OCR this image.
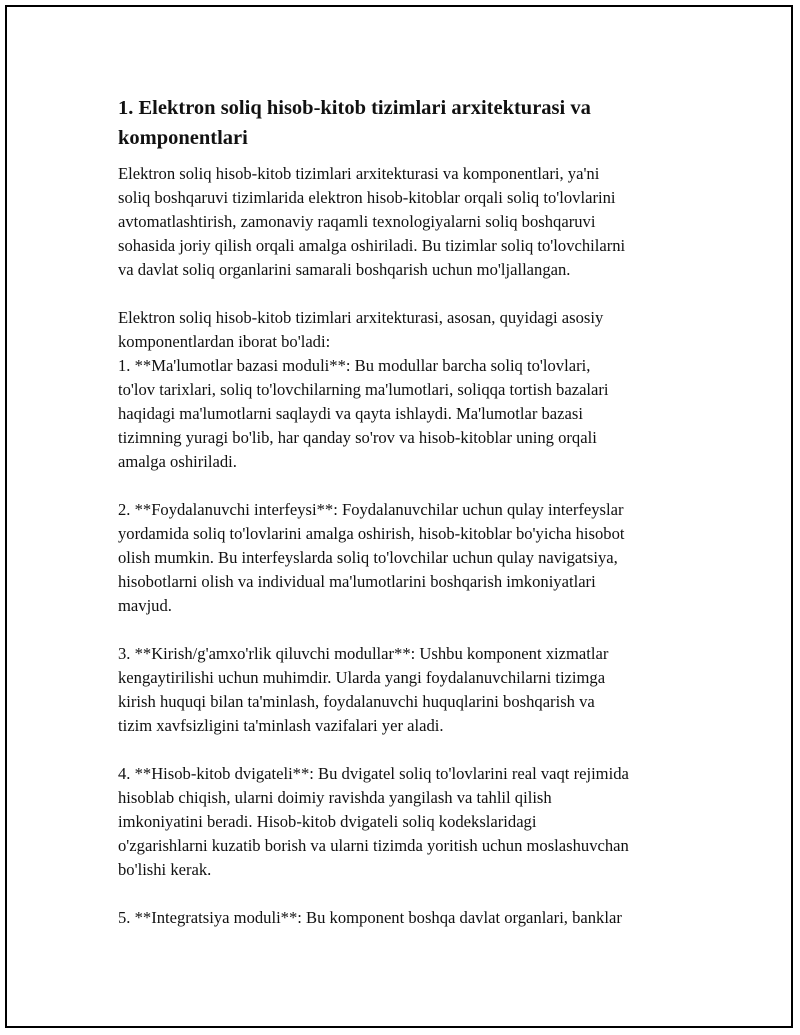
1. Elektron soliq hisob-kitob tizimlari arxitekturasi va
komponentlari

Elektron soliq hisob-kitob tizimlari arxitekturasi va komponentlari, ya'ni
soliq boshqaruvi tizimlarida elektron hisob-kitoblar orqali soliq to'lovlarini
avtomatlashtirish, zamonaviy raqamli texnologiyalarni soliq boshqaruvi
sohasida joriy qilish orqali amalga oshiriladi. Bu tizimlar soliq to'lovchilarni
va davlat soliq organlarini samarali boshqarish uchun mo'ljallangan.

Elektron soliq hisob-kitob tizimlari arxitekturasi, asosan, quyidagi asosiy
komponentlardan iborat bo'ladi:
1. **Ma'lumotlar bazasi moduli**: Bu modullar barcha soliq to'lovlari,
to'lov tarixlari, soliq to'lovchilarning ma'lumotlari, soliqqa tortish bazalari
haqidagi ma'lumotlarni saqlaydi va qayta ishlaydi. Ma'lumotlar bazasi
tizimning yuragi bo'lib, har qanday so'rov va hisob-kitoblar uning orqali
amalga oshiriladi.

2. **Foydalanuvchi interfeysi**: Foydalanuvchilar uchun qulay interfeyslar
yordamida soliq to'lovlarini amalga oshirish, hisob-kitoblar bo'yicha hisobot
olish mumkin. Bu interfeyslarda soliq to'lovchilar uchun qulay navigatsiya,
hisobotlarni olish va individual ma'lumotlarini boshqarish imkoniyatlari
mavjud.

3. **Kirish/g'amxo'rlik qiluvchi modullar**: Ushbu komponent xizmatlar
kengaytirilishi uchun muhimdir. Ularda yangi foydalanuvchilarni tizimga
kirish huquqi bilan ta'minlash, foydalanuvchi huquqlarini boshqarish va
tizim xavfsizligini ta'minlash vazifalari yer aladi.

4. **Hisob-kitob dvigateli**: Bu dvigatel soliq to'lovlarini real vaqt rejimida
hisoblab chiqish, ularni doimiy ravishda yangilash va tahlil qilish
imkoniyatini beradi. Hisob-kitob dvigateli soliq kodekslaridagi
o'zgarishlarni kuzatib borish va ularni tizimda yoritish uchun moslashuvchan
bo'lishi kerak.

5. **Integratsiya moduli**: Bu komponent boshqa davlat organlari, banklar
